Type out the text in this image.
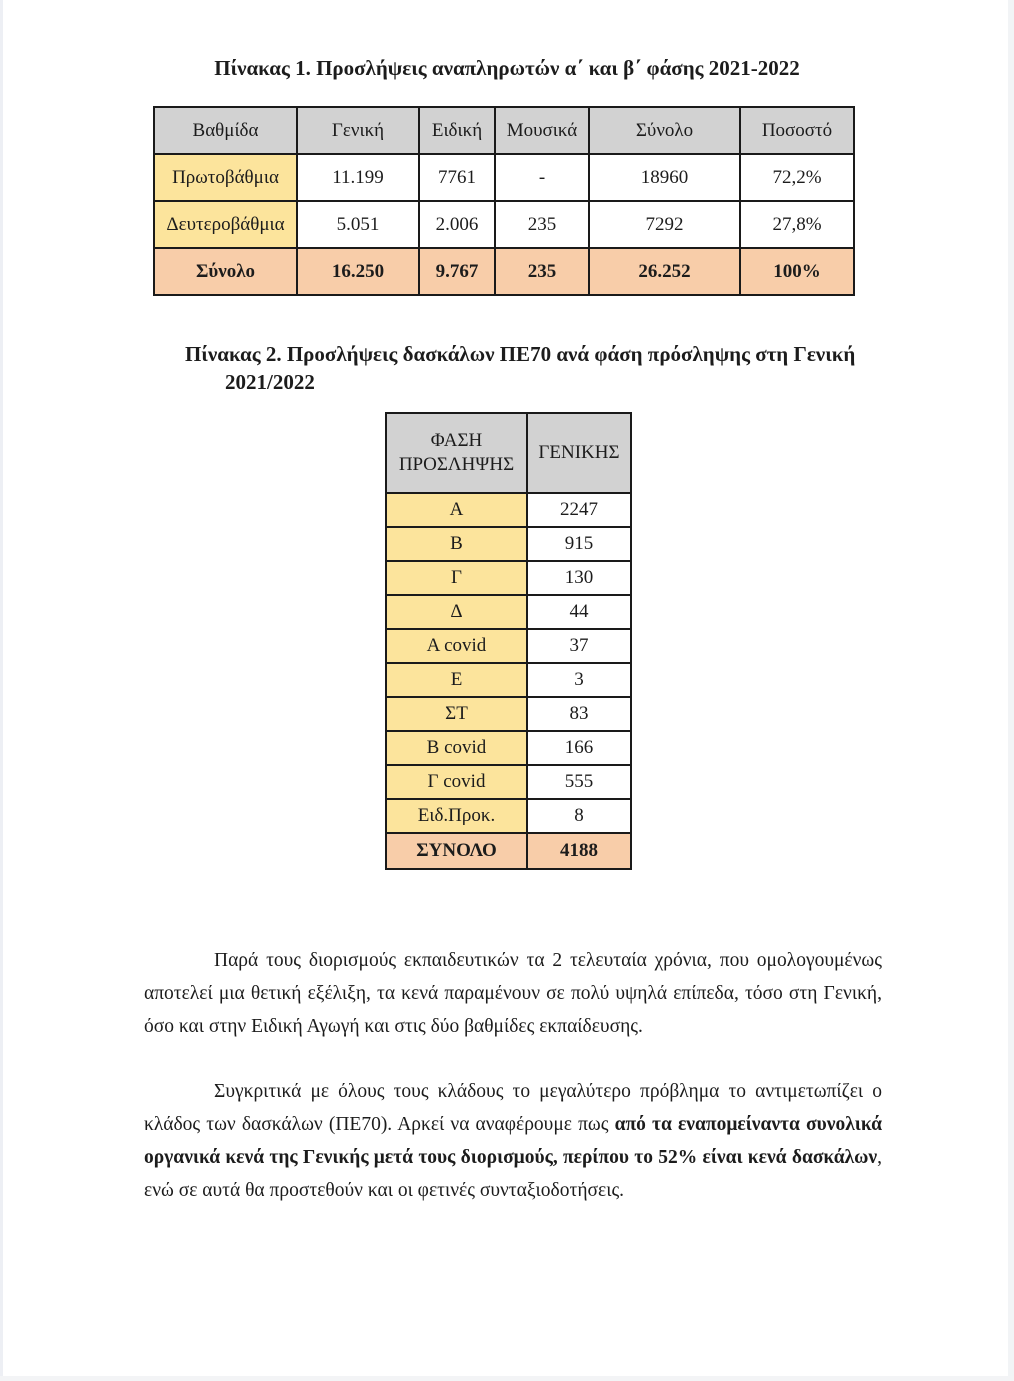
Πίνακας 1. Προσλήψεις αναπληρωτών α΄ και β΄ φάσης 2021-2022
Βαθμίδα	Γενική	Ειδική	Μουσικά	Σύνολο	Ποσοστό
Πρωτοβάθμια	11.199	7761	-	18960	72,2%
Δευτεροβάθμια	5.051	2.006	235	7292	27,8%
Σύνολο	16.250	9.767	235	26.252	100%
Πίνακας 2. Προσλήψεις δασκάλων ΠΕ70 ανά φάση πρόσληψης στη Γενική
2021/2022
ΦΑΣΗ ΠΡΟΣΛΗΨΗΣ	ΓΕΝΙΚΗΣ
Α	2247
Β	915
Γ	130
Δ	44
Α covid	37
Ε	3
ΣΤ	83
Β covid	166
Γ covid	555
Ειδ.Προκ.	8
ΣΥΝΟΛΟ	4188

Παρά τους διορισμούς εκπαιδευτικών τα 2 τελευταία χρόνια, που ομολογουμένως αποτελεί μια θετική εξέλιξη, τα κενά παραμένουν σε πολύ υψηλά επίπεδα, τόσο στη Γενική, όσο και στην Ειδική Αγωγή και στις δύο βαθμίδες εκπαίδευσης.

Συγκριτικά με όλους τους κλάδους το μεγαλύτερο πρόβλημα το αντιμετωπίζει ο κλάδος των δασκάλων (ΠΕ70). Αρκεί να αναφέρουμε πως από τα εναπομείναντα συνολικά οργανικά κενά της Γενικής μετά τους διορισμούς, περίπου το 52% είναι κενά δασκάλων, ενώ σε αυτά θα προστεθούν και οι φετινές συνταξιοδοτήσεις.
